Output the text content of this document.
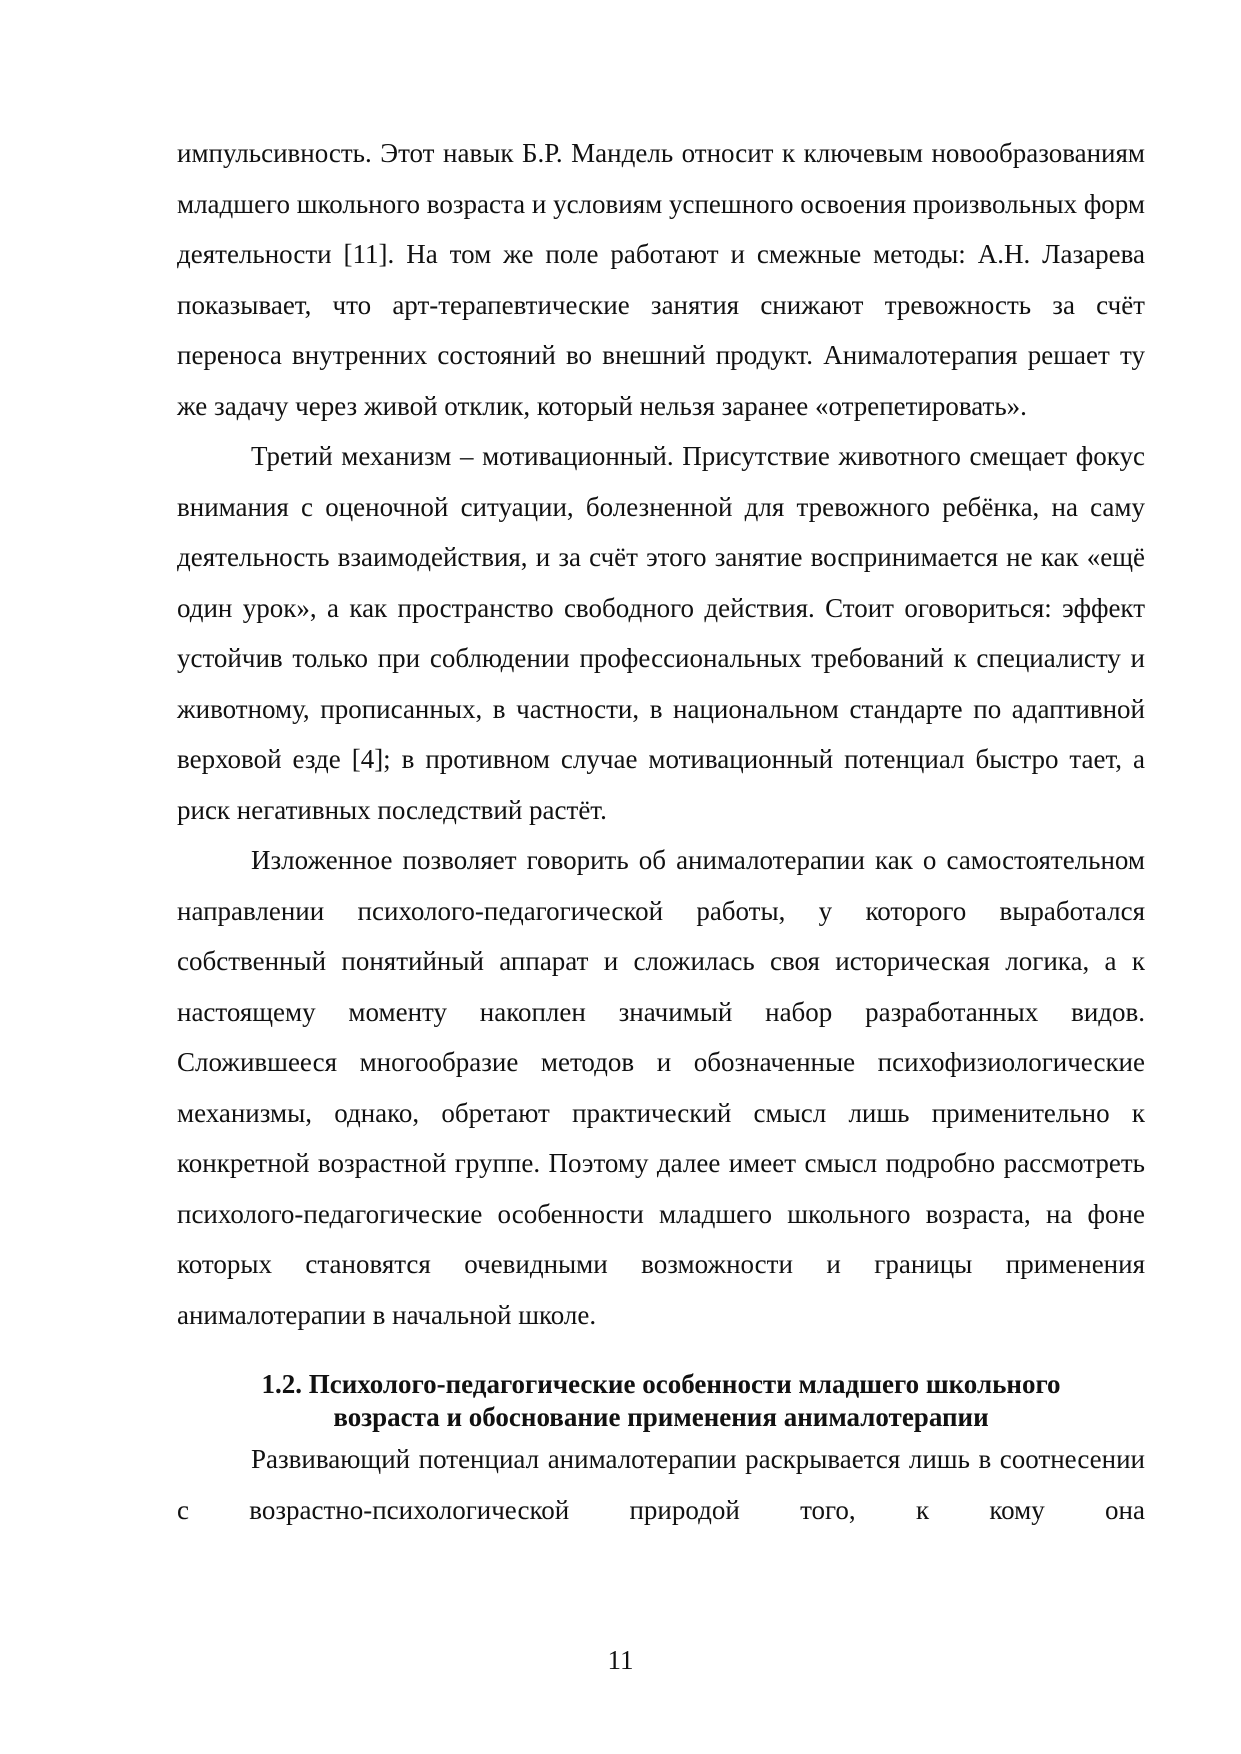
импульсивность. Этот навык Б.Р. Мандель относит к ключевым новообразованиям младшего школьного возраста и условиям успешного освоения произвольных форм деятельности [11]. На том же поле работают и смежные методы: А.Н. Лазарева показывает, что арт-терапевтические занятия снижают тревожность за счёт переноса внутренних состояний во внешний продукт. Анималотерапия решает ту же задачу через живой отклик, который нельзя заранее «отрепетировать».

Третий механизм – мотивационный. Присутствие животного смещает фокус внимания с оценочной ситуации, болезненной для тревожного ребёнка, на саму деятельность взаимодействия, и за счёт этого занятие воспринимается не как «ещё один урок», а как пространство свободного действия. Стоит оговориться: эффект устойчив только при соблюдении профессиональных требований к специалисту и животному, прописанных, в частности, в национальном стандарте по адаптивной верховой езде [4]; в противном случае мотивационный потенциал быстро тает, а риск негативных последствий растёт.

Изложенное позволяет говорить об анималотерапии как о самостоятельном направлении психолого-педагогической работы, у которого выработался собственный понятийный аппарат и сложилась своя историческая логика, а к настоящему моменту накоплен значимый набор разработанных видов. Сложившееся многообразие методов и обозначенные психофизиологические механизмы, однако, обретают практический смысл лишь применительно к конкретной возрастной группе. Поэтому далее имеет смысл подробно рассмотреть психолого-педагогические особенности младшего школьного возраста, на фоне которых становятся очевидными возможности и границы применения анималотерапии в начальной школе.

1.2. Психолого-педагогические особенности младшего школьного возраста и обоснование применения анималотерапии

Развивающий потенциал анималотерапии раскрывается лишь в соотнесении с возрастно-психологической природой того, к кому она

11
